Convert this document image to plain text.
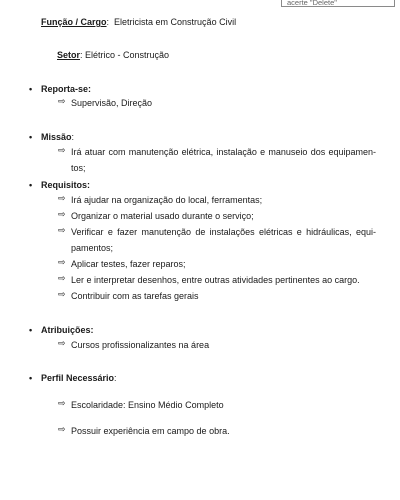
acerte "Delete"
Função / Cargo:  Eletricista em Construção Civil
Setor: Elétrico - Construção
• Reporta-se:
⇨ Supervisão, Direção
• Missão:
⇨ Irá atuar com manutenção elétrica, instalação e manuseio dos equipamentos;
• Requisitos:
⇨ Irá ajudar na organização do local, ferramentas;
⇨ Organizar o material usado durante o serviço;
⇨ Verificar e fazer manutenção de instalações elétricas e hidráulicas, equipamentos;
⇨ Aplicar testes, fazer reparos;
⇨ Ler e interpretar desenhos, entre outras atividades pertinentes ao cargo.
⇨ Contribuir com as tarefas gerais
• Atribuições:
⇨ Cursos profissionalizantes na área
• Perfil Necessário:
⇨ Escolaridade: Ensino Médio Completo
⇨ Possuir experiência em campo de obra.
